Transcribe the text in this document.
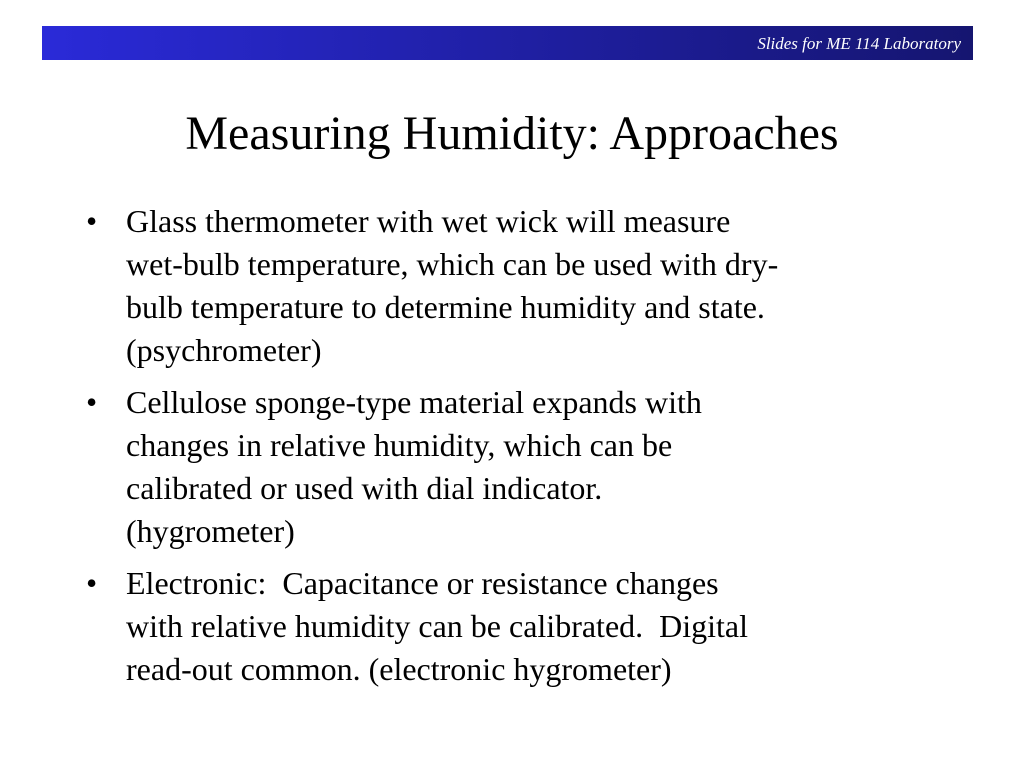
Slides for ME 114 Laboratory
Measuring Humidity: Approaches
• Glass thermometer with wet wick will measure
wet-bulb temperature, which can be used with dry-
bulb temperature to determine humidity and state.
(psychrometer)
• Cellulose sponge-type material expands with
changes in relative humidity, which can be
calibrated or used with dial indicator.
(hygrometer)
• Electronic:  Capacitance or resistance changes
with relative humidity can be calibrated.  Digital
read-out common. (electronic hygrometer)
